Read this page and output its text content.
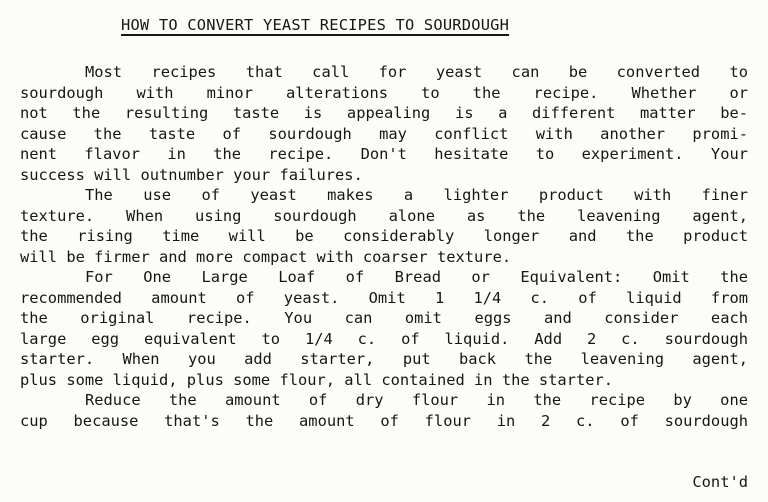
HOW TO CONVERT YEAST RECIPES TO SOURDOUGH

Most recipes that call for yeast can be converted to
sourdough with minor alterations to the recipe. Whether or
not the resulting taste is appealing is a different matter be-
cause the taste of sourdough may conflict with another promi-
nent flavor in the recipe. Don't hesitate to experiment. Your
success will outnumber your failures.

The use of yeast makes a lighter product with finer
texture. When using sourdough alone as the leavening agent,
the rising time will be considerably longer and the product
will be firmer and more compact with coarser texture.

For One Large Loaf of Bread or Equivalent: Omit the
recommended amount of yeast. Omit 1 1/4 c. of liquid from
the original recipe. You can omit eggs and consider each
large egg equivalent to 1/4 c. of liquid. Add 2 c. sourdough
starter. When you add starter, put back the leavening agent,
plus some liquid, plus some flour, all contained in the starter.

Reduce the amount of dry flour in the recipe by one
cup because that's the amount of flour in 2 c. of sourdough

Cont'd
